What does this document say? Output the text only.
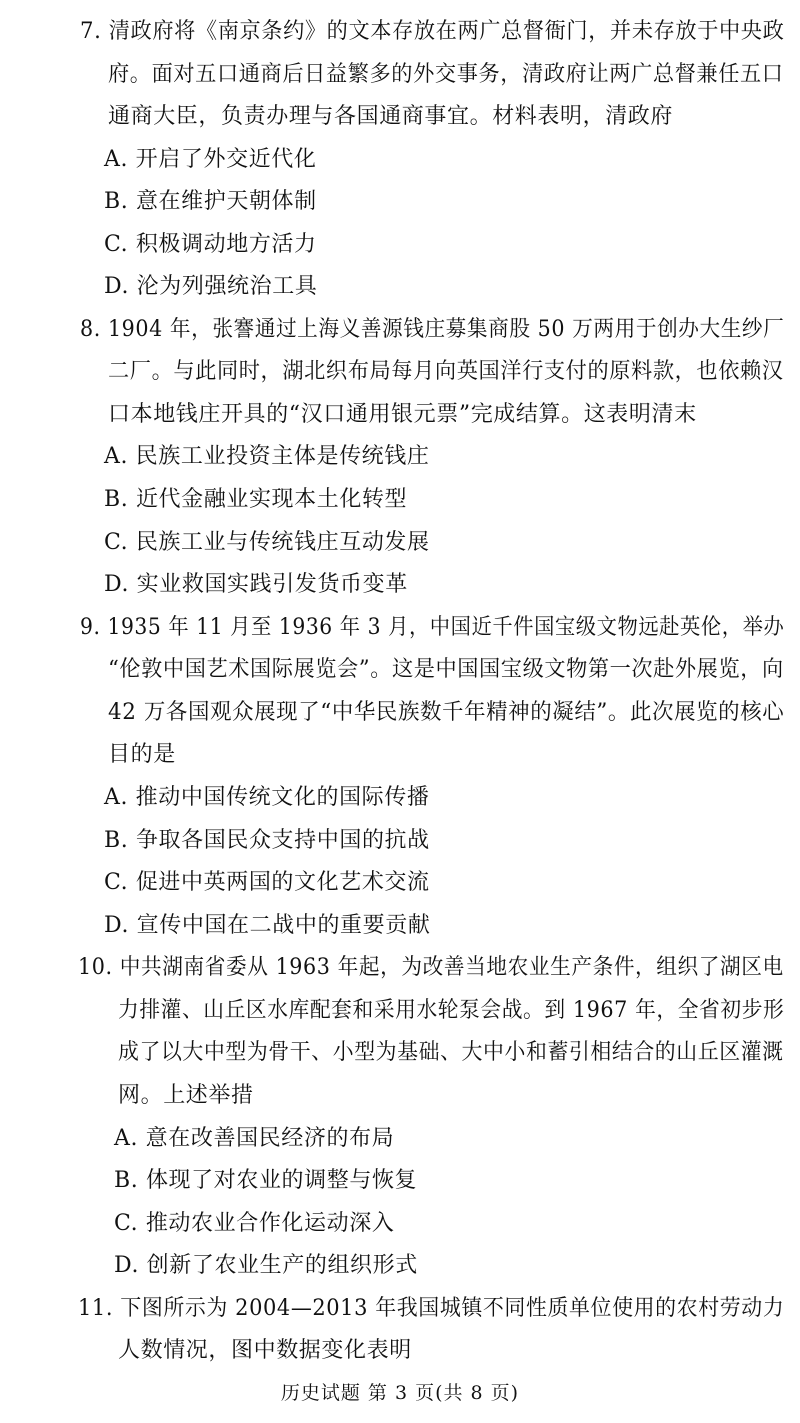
7. 清政府将《南京条约》的文本存放在两广总督衙门，并未存放于中央政
府。面对五口通商后日益繁多的外交事务，清政府让两广总督兼任五口
通商大臣，负责办理与各国通商事宜。材料表明，清政府
A. 开启了外交近代化
B. 意在维护天朝体制
C. 积极调动地方活力
D. 沦为列强统治工具
8. 1904 年，张謇通过上海义善源钱庄募集商股 50 万两用于创办大生纱厂
二厂。与此同时，湖北织布局每月向英国洋行支付的原料款，也依赖汉
口本地钱庄开具的“汉口通用银元票”完成结算。这表明清末
A. 民族工业投资主体是传统钱庄
B. 近代金融业实现本土化转型
C. 民族工业与传统钱庄互动发展
D. 实业救国实践引发货币变革
9. 1935 年 11 月至 1936 年 3 月，中国近千件国宝级文物远赴英伦，举办
“伦敦中国艺术国际展览会”。这是中国国宝级文物第一次赴外展览，向
42 万各国观众展现了“中华民族数千年精神的凝结”。此次展览的核心
目的是
A. 推动中国传统文化的国际传播
B. 争取各国民众支持中国的抗战
C. 促进中英两国的文化艺术交流
D. 宣传中国在二战中的重要贡献
10. 中共湖南省委从 1963 年起，为改善当地农业生产条件，组织了湖区电
力排灌、山丘区水库配套和采用水轮泵会战。到 1967 年，全省初步形
成了以大中型为骨干、小型为基础、大中小和蓄引相结合的山丘区灌溉
网。上述举措
A. 意在改善国民经济的布局
B. 体现了对农业的调整与恢复
C. 推动农业合作化运动深入
D. 创新了农业生产的组织形式
11. 下图所示为 2004—2013 年我国城镇不同性质单位使用的农村劳动力
人数情况，图中数据变化表明
历史试题 第 3 页(共 8 页)
